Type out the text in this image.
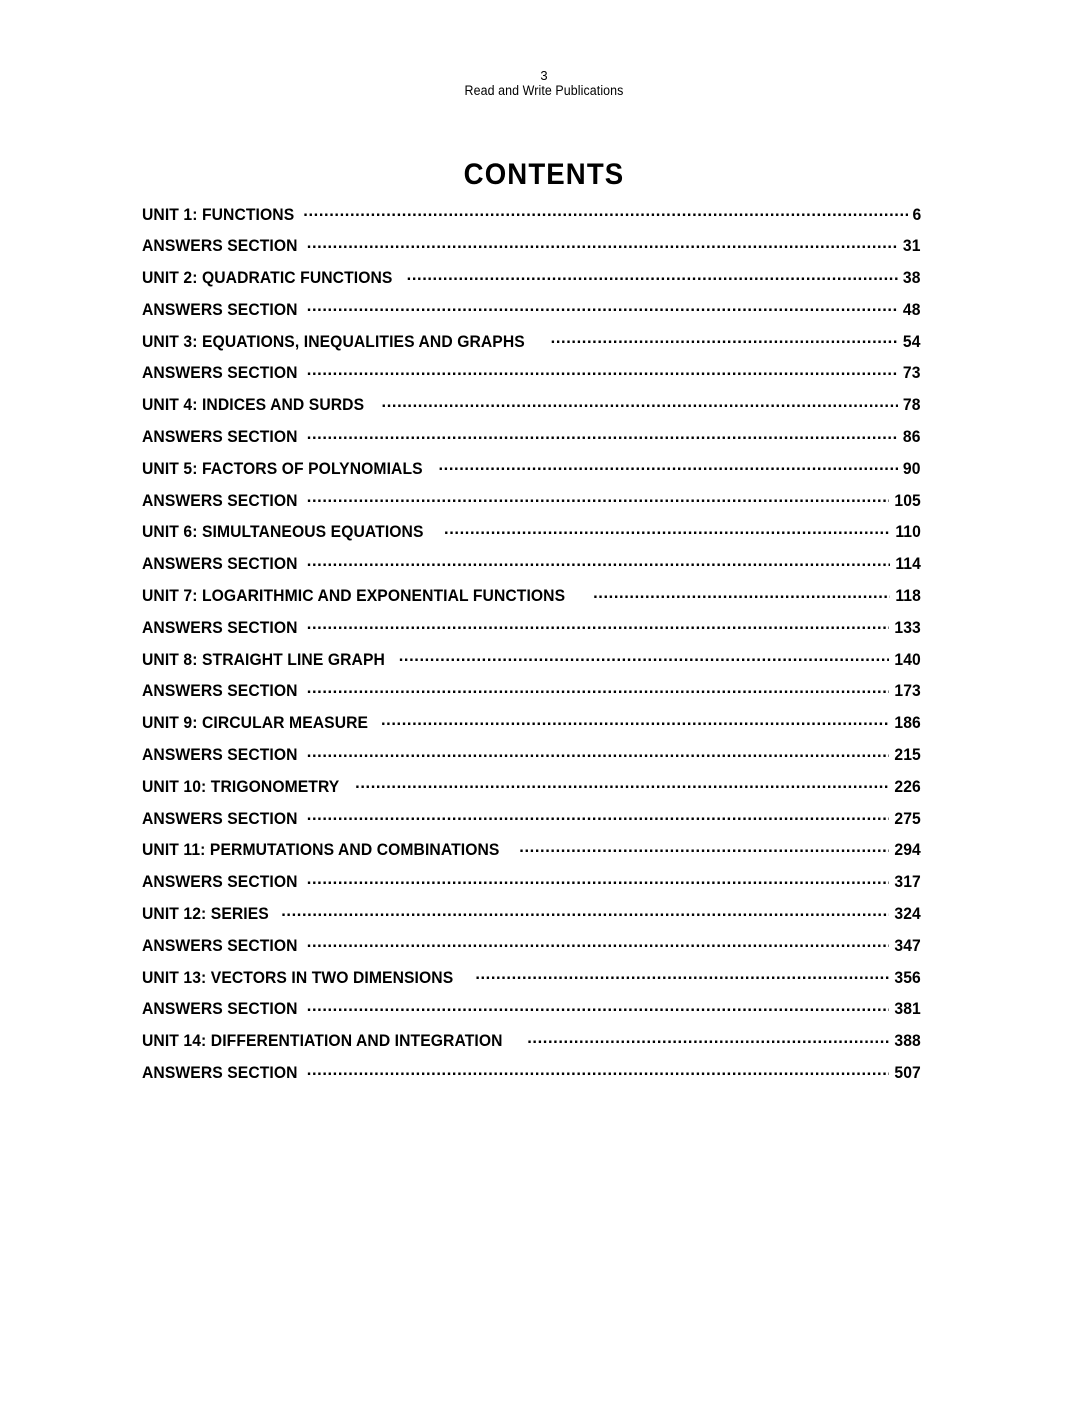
3
Read and Write Publications
CONTENTS
UNIT 1: FUNCTIONS .....	6
ANSWERS SECTION .....	31
UNIT 2: QUADRATIC FUNCTIONS .....	38
ANSWERS SECTION .....	48
UNIT 3: EQUATIONS, INEQUALITIES AND GRAPHS .....	54
ANSWERS SECTION .....	73
UNIT 4: INDICES AND SURDS .....	78
ANSWERS SECTION .....	86
UNIT 5: FACTORS OF POLYNOMIALS .....	90
ANSWERS SECTION .....	105
UNIT 6: SIMULTANEOUS EQUATIONS .....	110
ANSWERS SECTION .....	114
UNIT 7: LOGARITHMIC AND EXPONENTIAL FUNCTIONS .....	118
ANSWERS SECTION .....	133
UNIT 8: STRAIGHT LINE GRAPH .....	140
ANSWERS SECTION .....	173
UNIT 9: CIRCULAR MEASURE .....	186
ANSWERS SECTION .....	215
UNIT 10: TRIGONOMETRY .....	226
ANSWERS SECTION .....	275
UNIT 11: PERMUTATIONS AND COMBINATIONS .....	294
ANSWERS SECTION .....	317
UNIT 12: SERIES .....	324
ANSWERS SECTION .....	347
UNIT 13: VECTORS IN TWO DIMENSIONS .....	356
ANSWERS SECTION .....	381
UNIT 14: DIFFERENTIATION AND INTEGRATION .....	388
ANSWERS SECTION .....	507
